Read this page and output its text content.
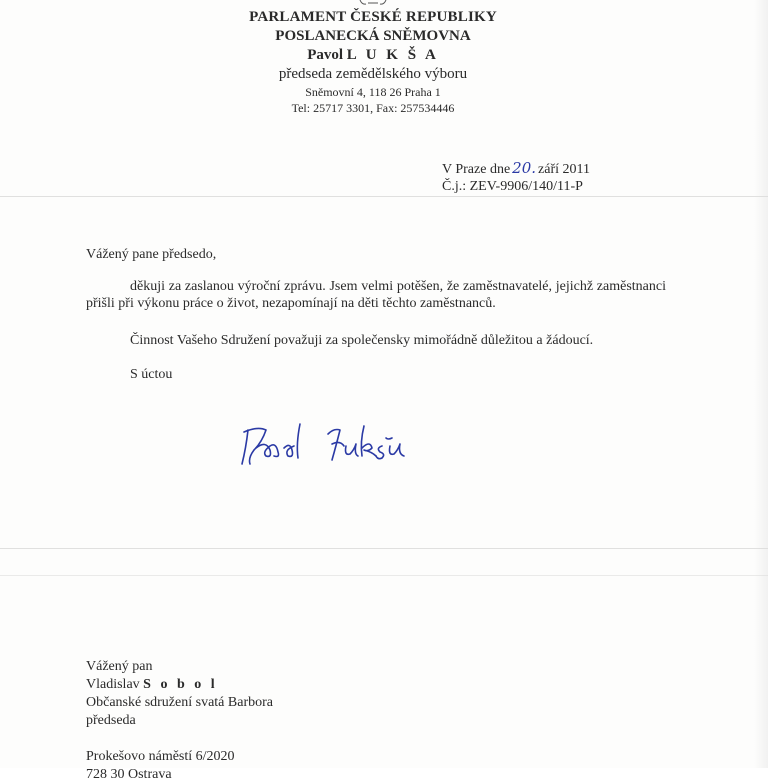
PARLAMENT ČESKÉ REPUBLIKY
POSLANECKÁ SNĚMOVNA
Pavol L U K Š A
předseda zemědělského výboru
Sněmovní 4, 118 26 Praha 1
Tel: 25717 3301, Fax: 257534446
V Praze dne 20. září 2011
Č.j.: ZEV-9906/140/11-P
Vážený pane předsedo,
děkuji za zaslanou výroční zprávu. Jsem velmi potěšen, že zaměstnavatelé, jejichž zaměstnanci přišli při výkonu práce o život, nezapomínají na děti těchto zaměstnanců.
Činnost Vašeho Sdružení považuji za společensky mimořádně důležitou a žádoucí.
S úctou
Vážený pan
Vladislav S o b o l
Občanské sdružení svatá Barbora
předseda
Prokešovo náměstí 6/2020
728 30 Ostrava
